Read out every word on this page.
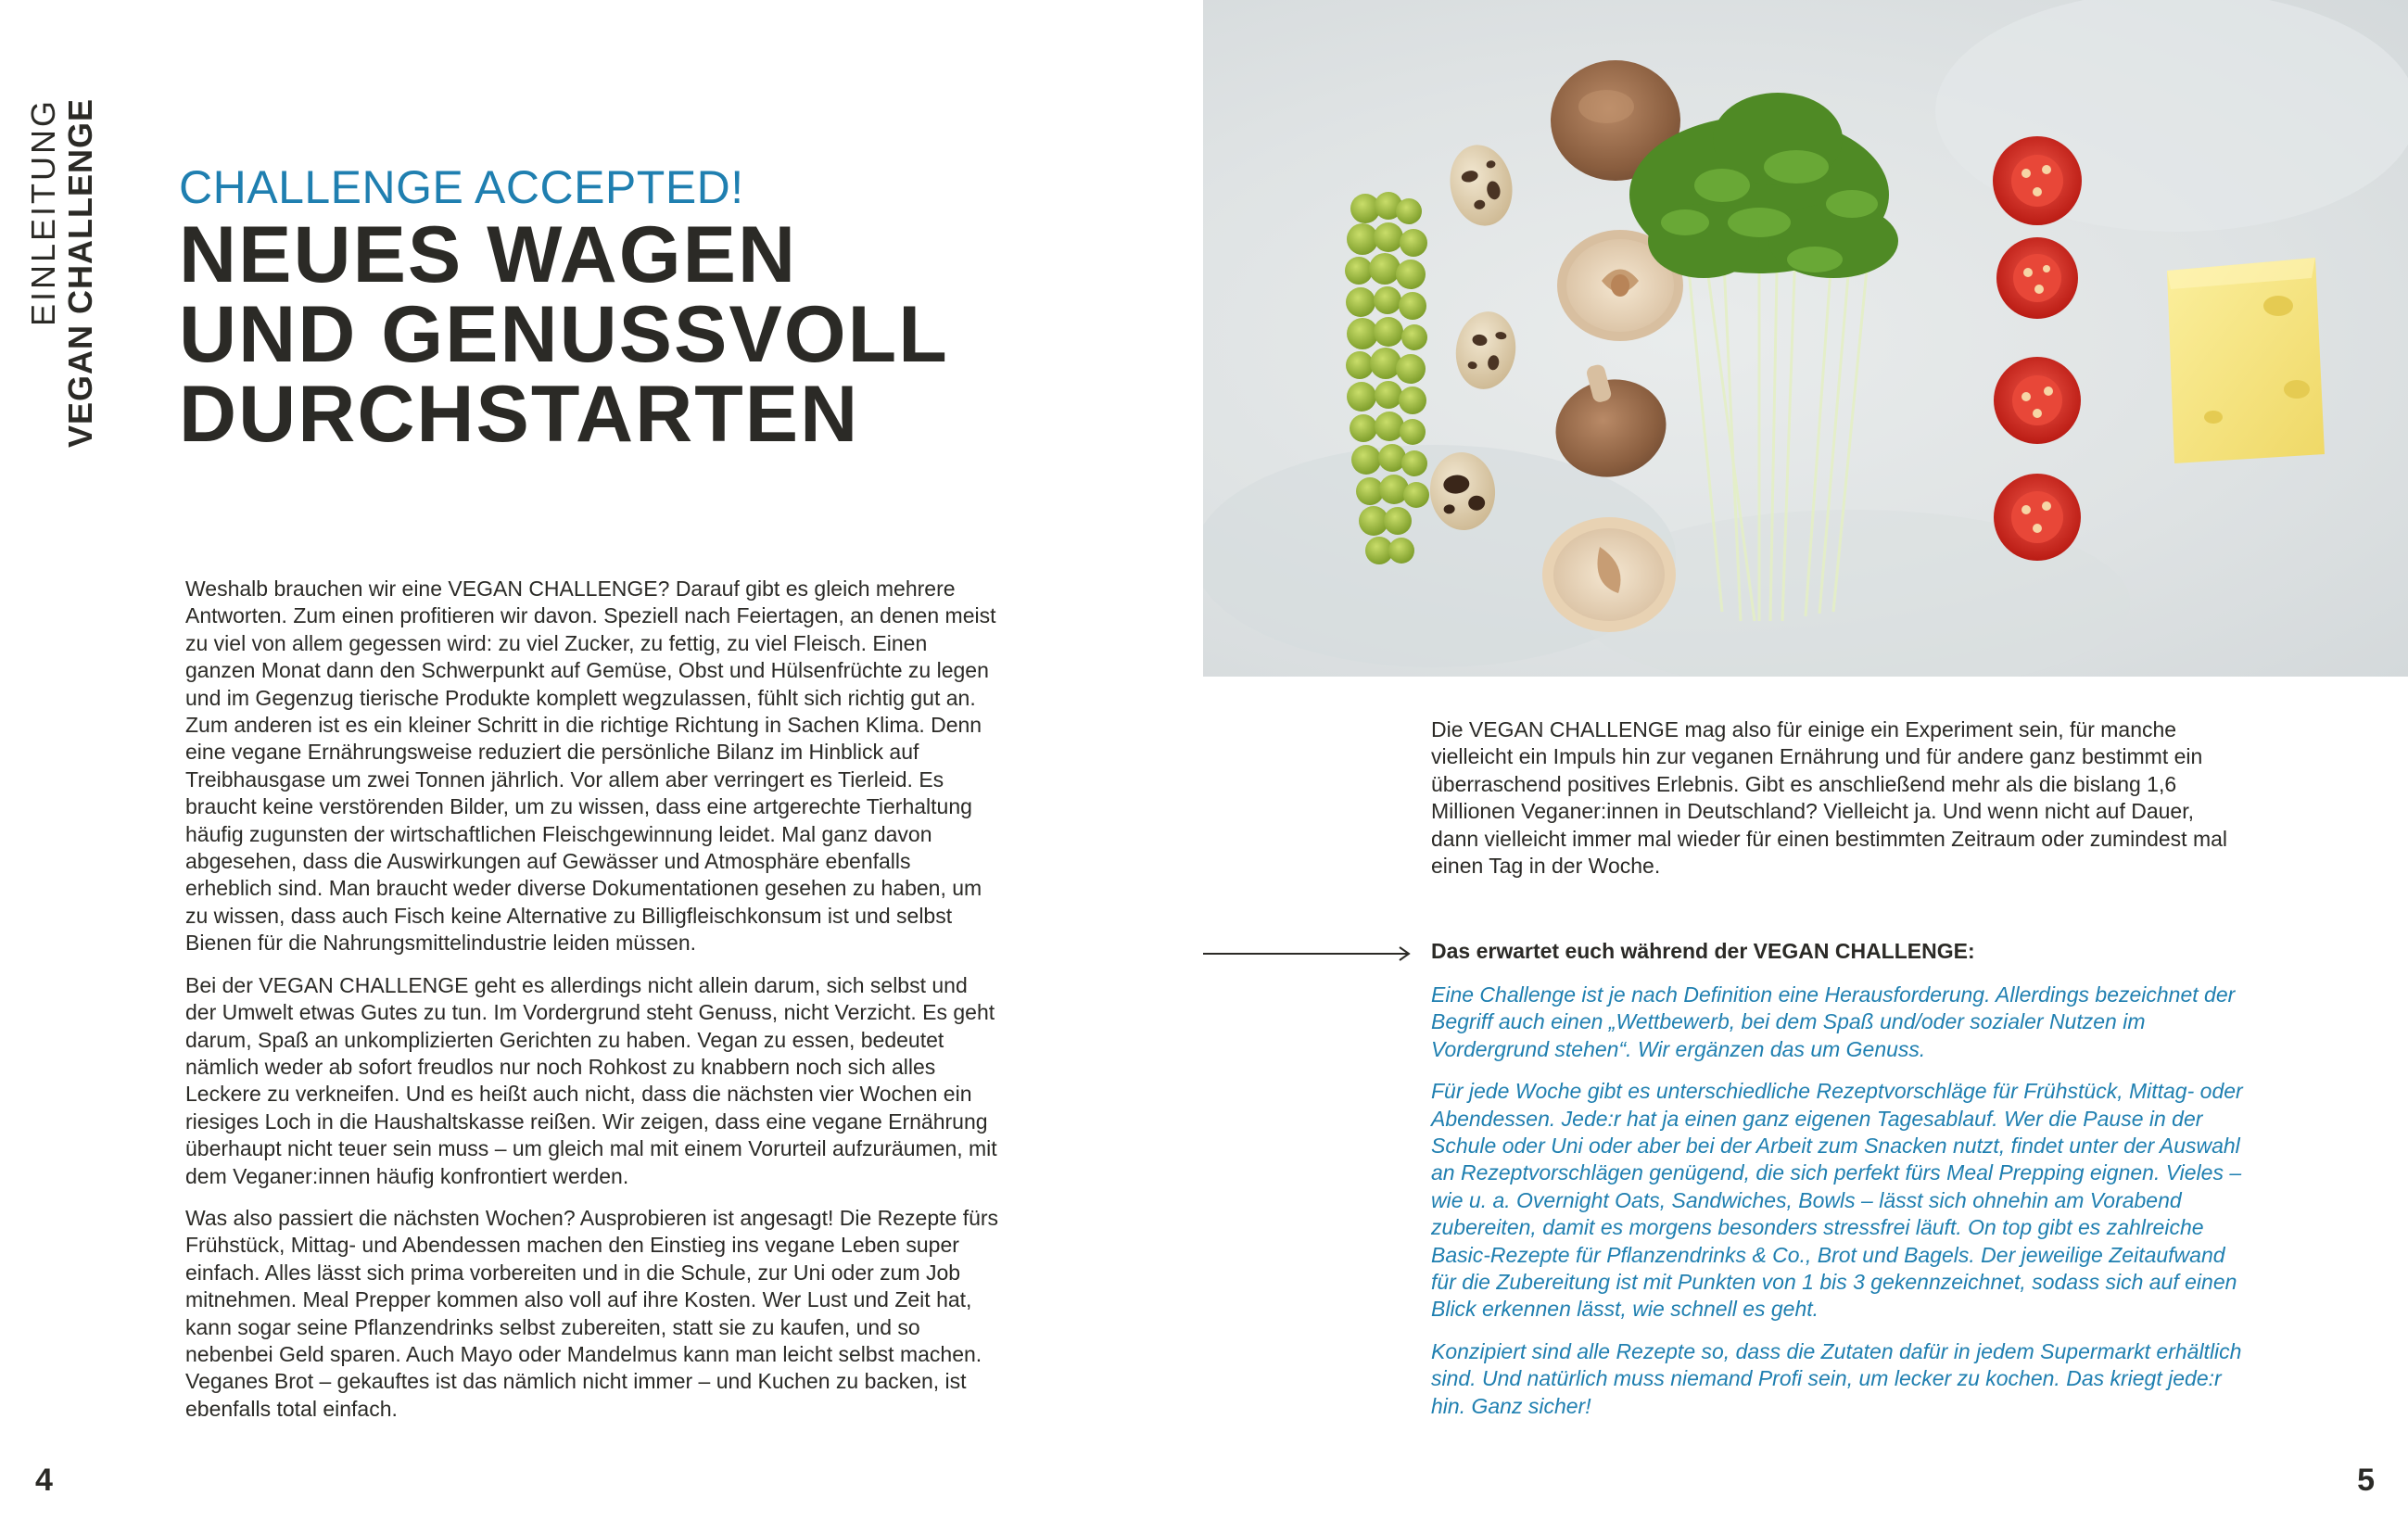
EINLEITUNG VEGAN CHALLENGE CHALLENGE ACCEPTED!
NEUES WAGEN
UND GENUSSVOLL
DURCHSTARTEN

Weshalb brauchen wir eine VEGAN CHALLENGE? Darauf gibt es gleich mehrere Antworten. Zum einen profitieren wir davon. Speziell nach Feiertagen, an denen meist zu viel von allem gegessen wird: zu viel Zucker, zu fettig, zu viel Fleisch. Einen ganzen Monat dann den Schwerpunkt auf Gemüse, Obst und Hülsenfrüchte zu legen und im Gegenzug tierische Produkte komplett wegzulassen, fühlt sich richtig gut an. Zum anderen ist es ein kleiner Schritt in die richtige Richtung in Sachen Klima. Denn eine vegane Ernährungsweise reduziert die persönliche Bilanz im Hinblick auf Treibhausgase um zwei Tonnen jährlich. Vor allem aber verringert es Tierleid. Es braucht keine verstörenden Bilder, um zu wissen, dass eine artgerechte Tierhaltung häufig zugunsten der wirtschaftlichen Fleischgewinnung leidet. Mal ganz davon abgesehen, dass die Auswirkungen auf Gewässer und Atmosphäre ebenfalls erheblich sind. Man braucht weder diverse Dokumentationen gesehen zu haben, um zu wissen, dass auch Fisch keine Alternative zu Billigfleischkonsum ist und selbst Bienen für die Nahrungsmittelindustrie leiden müssen.

Bei der VEGAN CHALLENGE geht es allerdings nicht allein darum, sich selbst und der Umwelt etwas Gutes zu tun. Im Vordergrund steht Genuss, nicht Verzicht. Es geht darum, Spaß an unkomplizierten Gerichten zu haben. Vegan zu essen, bedeutet nämlich weder ab sofort freudlos nur noch Rohkost zu knabbern noch sich alles Leckere zu verkneifen. Und es heißt auch nicht, dass die nächsten vier Wochen ein riesiges Loch in die Haushaltskasse reißen. Wir zeigen, dass eine vegane Ernährung überhaupt nicht teuer sein muss – um gleich mal mit einem Vorurteil aufzuräumen, mit dem Veganer:innen häufig konfrontiert werden.

Was also passiert die nächsten Wochen? Ausprobieren ist angesagt! Die Rezepte fürs Frühstück, Mittag- und Abendessen machen den Einstieg ins vegane Leben super einfach. Alles lässt sich prima vorbereiten und in die Schule, zur Uni oder zum Job mitnehmen. Meal Prepper kommen also voll auf ihre Kosten. Wer Lust und Zeit hat, kann sogar seine Pflanzendrinks selbst zubereiten, statt sie zu kaufen, und so nebenbei Geld sparen. Auch Mayo oder Mandelmus kann man leicht selbst machen. Veganes Brot – gekauftes ist das nämlich nicht immer – und Kuchen zu backen, ist ebenfalls total einfach.

4
Die VEGAN CHALLENGE mag also für einige ein Experiment sein, für manche vielleicht ein Impuls hin zur veganen Ernährung und für andere ganz bestimmt ein überraschend positives Erlebnis. Gibt es anschließend mehr als die bislang 1,6 Millionen Veganer:innen in Deutschland? Vielleicht ja. Und wenn nicht auf Dauer, dann vielleicht immer mal wieder für einen bestimmten Zeitraum oder zumindest mal einen Tag in der Woche.
Das erwartet euch während der VEGAN CHALLENGE:

Eine Challenge ist je nach Definition eine Herausforderung. Allerdings bezeichnet der Begriff auch einen „Wettbewerb, bei dem Spaß und/oder sozialer Nutzen im Vordergrund stehen“. Wir ergänzen das um Genuss.

Für jede Woche gibt es unterschiedliche Rezeptvorschläge für Frühstück, Mittag- oder Abendessen. Jede:r hat ja einen ganz eigenen Tagesablauf. Wer die Pause in der Schule oder Uni oder aber bei der Arbeit zum Snacken nutzt, findet unter der Auswahl an Rezeptvorschlägen genügend, die sich perfekt fürs Meal Prepping eignen. Vieles – wie u. a. Overnight Oats, Sandwiches, Bowls – lässt sich ohnehin am Vorabend zubereiten, damit es morgens besonders stressfrei läuft. On top gibt es zahlreiche Basic-Rezepte für Pflanzendrinks & Co., Brot und Bagels. Der jeweilige Zeitaufwand für die Zubereitung ist mit Punkten von 1 bis 3 gekennzeichnet, sodass sich auf einen Blick erkennen lässt, wie schnell es geht.

Konzipiert sind alle Rezepte so, dass die Zutaten dafür in jedem Supermarkt erhältlich sind. Und natürlich muss niemand Profi sein, um lecker zu kochen. Das kriegt jede:r hin. Ganz sicher!

5
